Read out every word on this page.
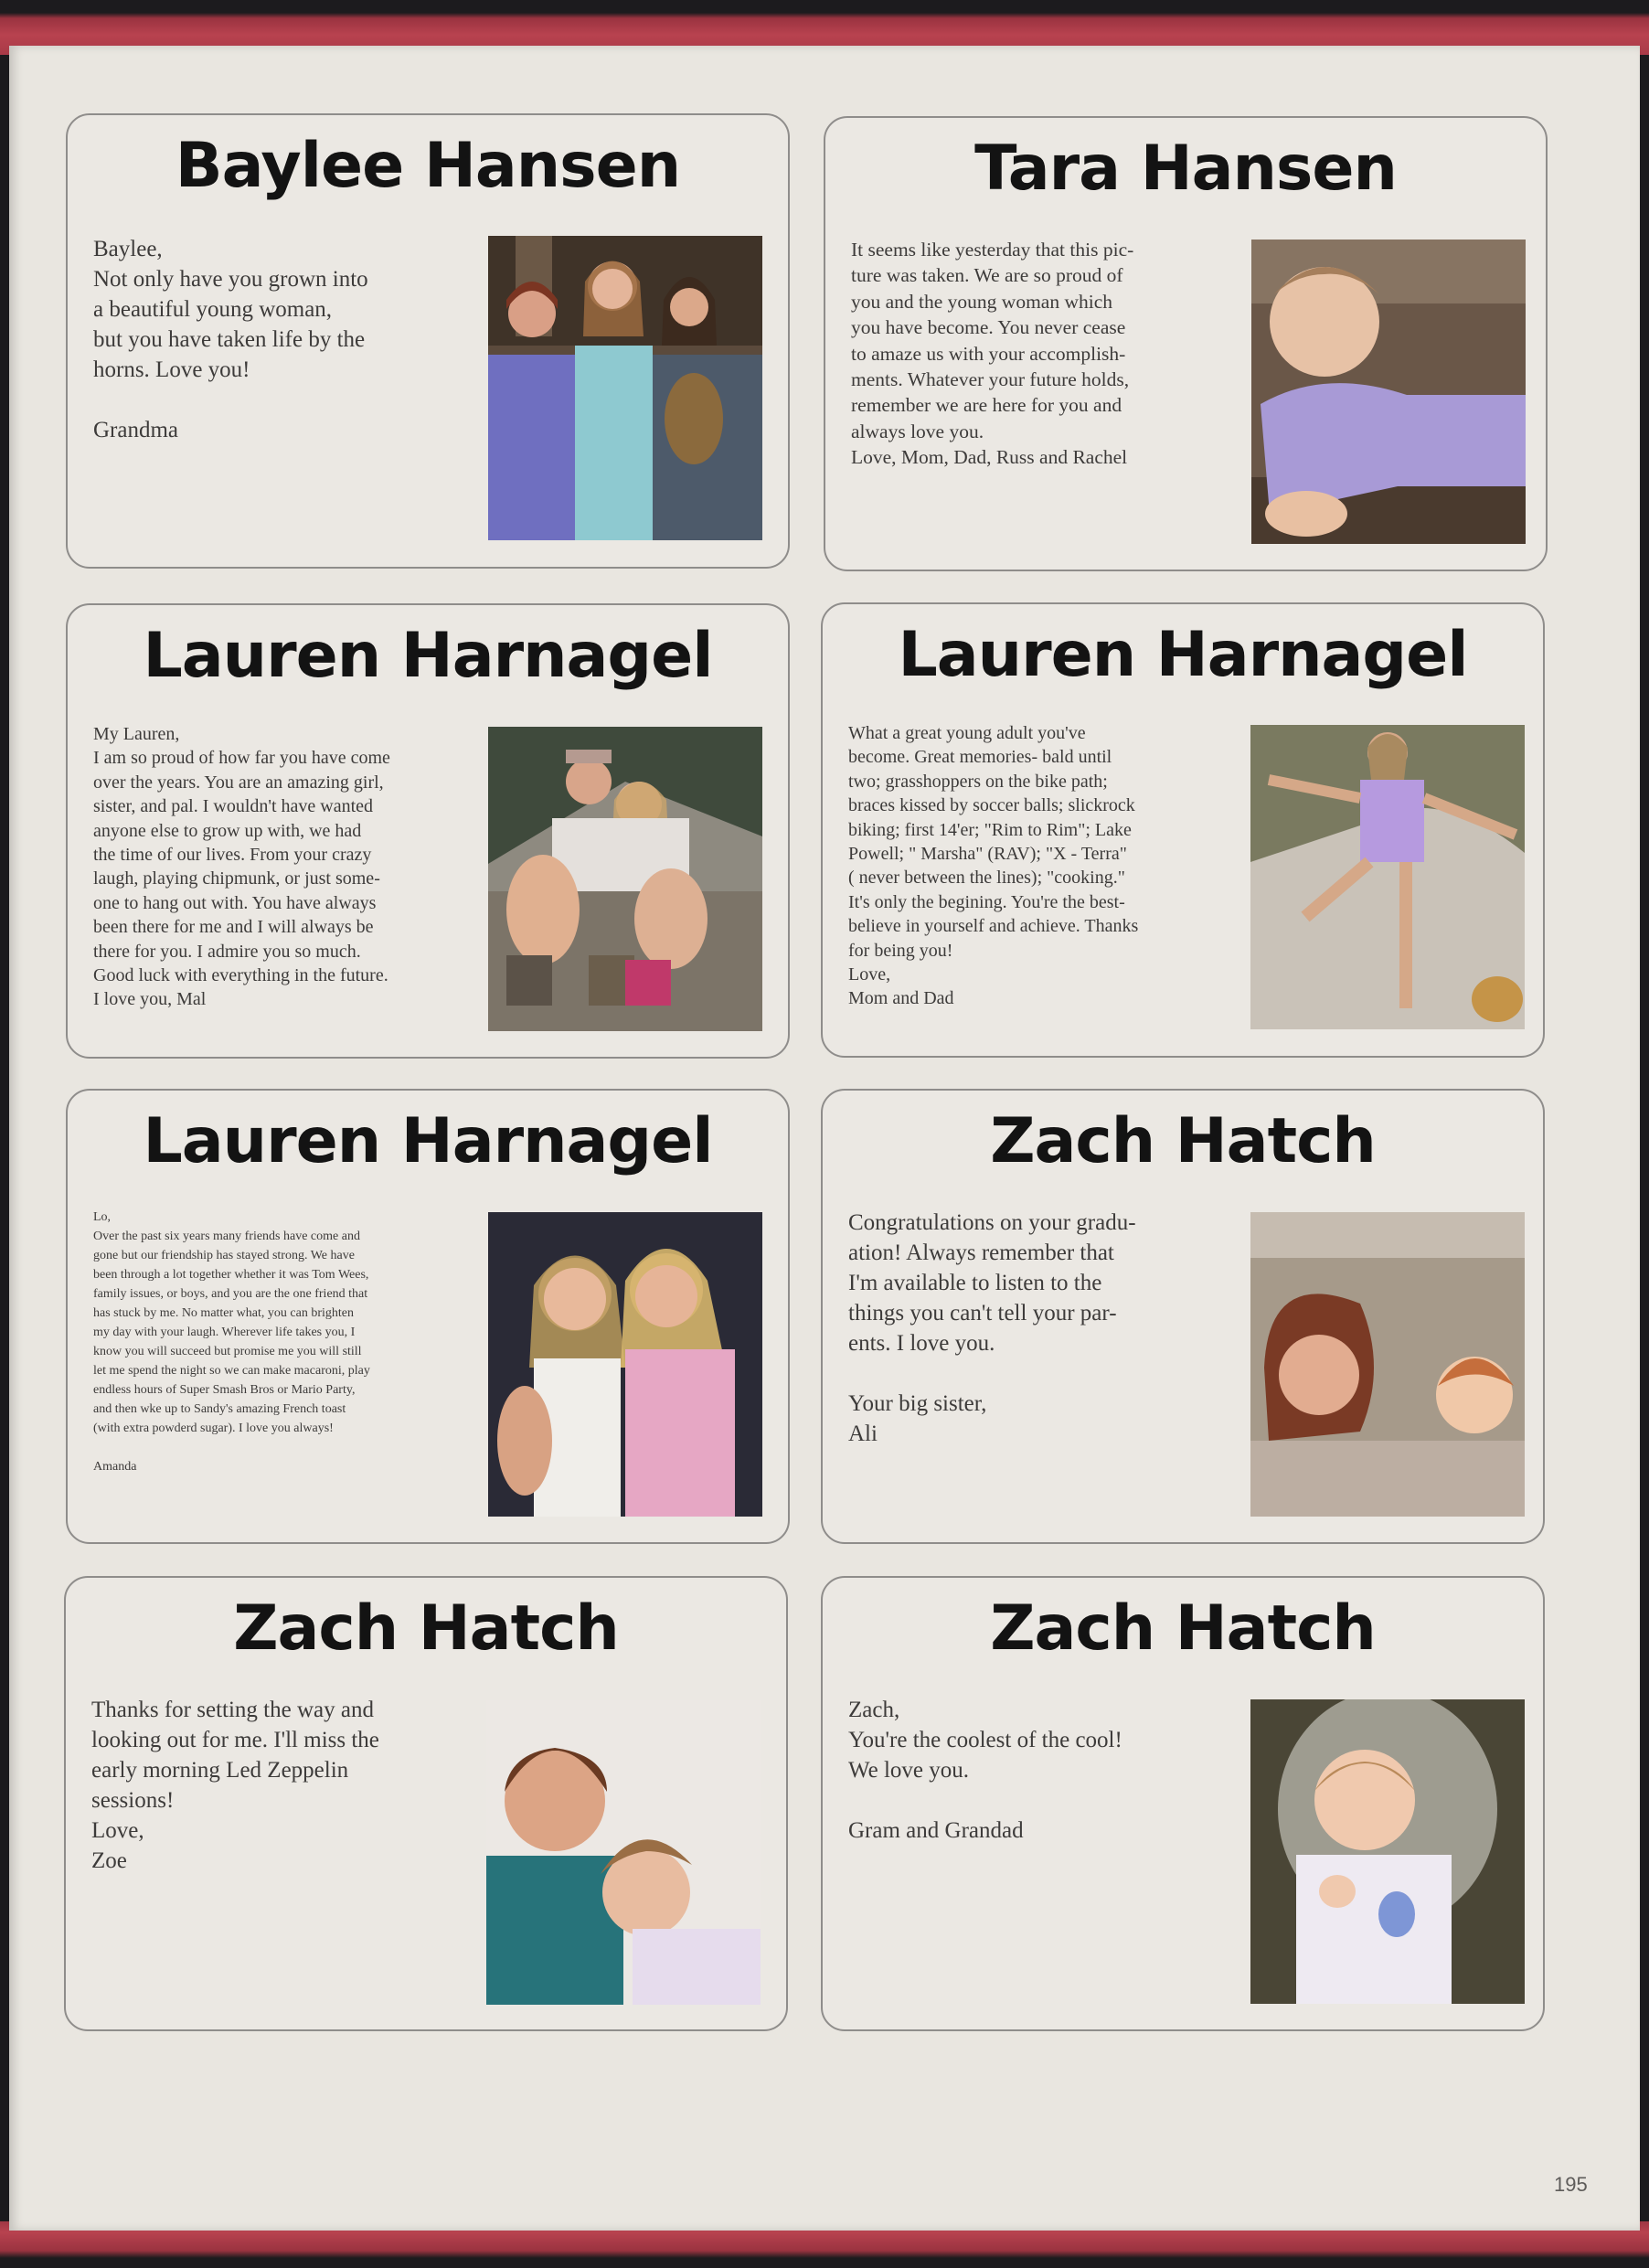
Baylee Hansen
Baylee,
Not only have you grown into
a beautiful young woman,
but you have taken life by the
horns. Love you!

Grandma
Tara Hansen
It seems like yesterday that this pic-
ture was taken. We are so proud of
you and the young woman which
you have become. You never cease
to amaze us with your accomplish-
ments. Whatever your future holds,
remember we are here for you and
always love you.
Love, Mom, Dad, Russ and Rachel
Lauren Harnagel
My Lauren,
I am so proud of how far you have come
over the years. You are an amazing girl,
sister, and pal. I wouldn't have wanted
anyone else to grow up with, we had
the time of our lives. From your crazy
laugh, playing chipmunk, or just some-
one to hang out with. You have always
been there for me and I will always be
there for you. I admire you so much.
Good luck with everything in the future.
I love you, Mal
Lauren Harnagel
What a great young adult you've
become. Great memories- bald until
two; grasshoppers on the bike path;
braces kissed by soccer balls; slickrock
biking; first 14'er; "Rim to Rim"; Lake
Powell; " Marsha" (RAV); "X - Terra"
( never between the lines); "cooking."
It's only the begining. You're the best-
believe in yourself and achieve. Thanks
for being you!
Love,
Mom and Dad
Lauren Harnagel
Lo,
Over the past six years many friends have come and
gone but our friendship has stayed strong. We have
been through a lot together whether it was Tom Wees,
family issues, or boys, and you are the one friend that
has stuck by me. No matter what, you can brighten
my day with your laugh. Wherever life takes you, I
know you will succeed but promise me you will still
let me spend the night so we can make macaroni, play
endless hours of Super Smash Bros or Mario Party,
and then wke up to Sandy's amazing French toast
(with extra powderd sugar). I love you always!

Amanda
Zach Hatch
Congratulations on your gradu-
ation! Always remember that
I'm available to listen to the
things you can't tell your par-
ents. I love you.

Your big sister,
Ali
Zach Hatch
Thanks for setting the way and
looking out for me. I'll miss the
early morning Led Zeppelin
sessions!
Love,
Zoe
Zach Hatch
Zach,
You're the coolest of the cool!
We love you.

Gram and Grandad
195
